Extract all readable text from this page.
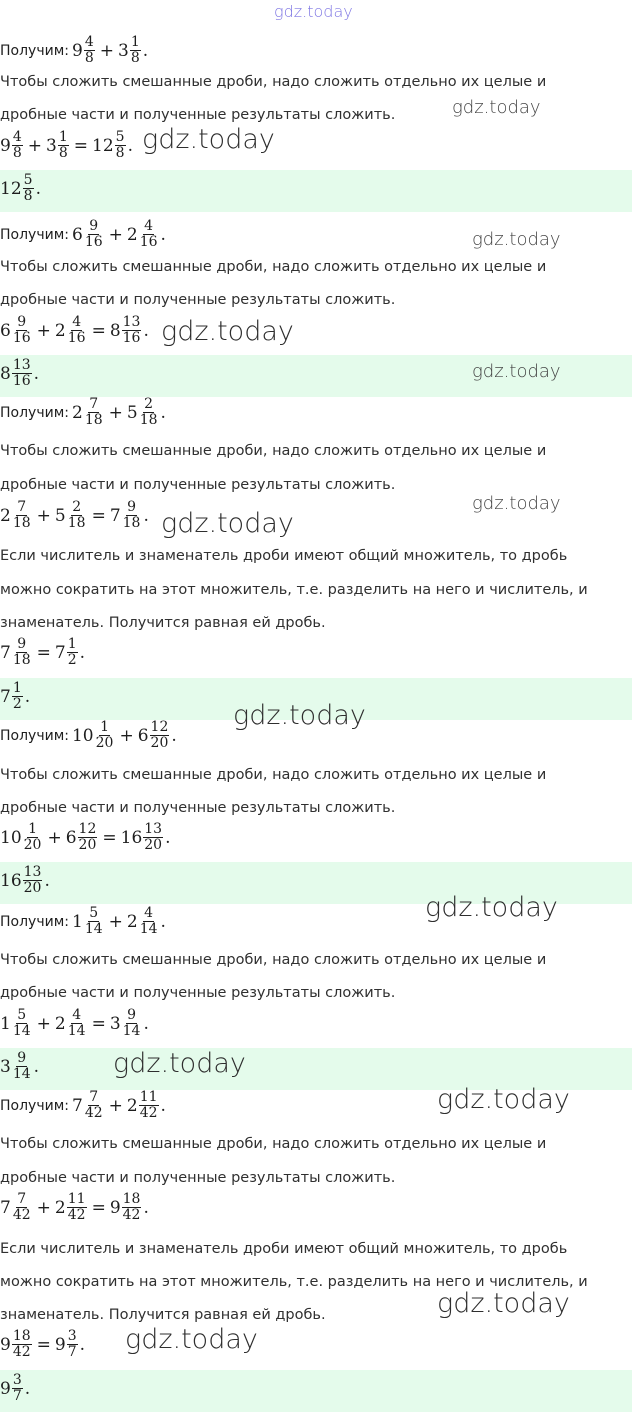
gdz.today
Получим: $9 \frac{4}{8} + 3 \frac{1}{8}$ .
Чтобы сложить смешанные дроби, надо сложить отдельно их целые и
дробные части и полученные результаты сложить.
$9 \frac{4}{8} + 3 \frac{1}{8} = 12 \frac{5}{8}$ .
$12 \frac{5}{8}$ .
Получим: $6 \frac{9}{16} + 2 \frac{4}{16}$ .
Чтобы сложить смешанные дроби, надо сложить отдельно их целые и
дробные части и полученные результаты сложить.
$6 \frac{9}{16} + 2 \frac{4}{16} = 8 \frac{13}{16}$ .
$8 \frac{13}{16}$ .
Получим: $2 \frac{7}{18} + 5 \frac{2}{18}$ .
Чтобы сложить смешанные дроби, надо сложить отдельно их целые и
дробные части и полученные результаты сложить.
$2 \frac{7}{18} + 5 \frac{2}{18} = 7 \frac{9}{18}$ .
Если числитель и знаменатель дроби имеют общий множитель, то дробь
можно сократить на этот множитель, т.е. разделить на него и числитель, и
знаменатель. Получится равная ей дробь.
$7 \frac{9}{18} = 7 \frac{1}{2}$ .
$7 \frac{1}{2}$ .
Получим: $10 \frac{1}{20} + 6 \frac{12}{20}$ .
Чтобы сложить смешанные дроби, надо сложить отдельно их целые и
дробные части и полученные результаты сложить.
$10 \frac{1}{20} + 6 \frac{12}{20} = 16 \frac{13}{20}$ .
$16 \frac{13}{20}$ .
Получим: $1 \frac{5}{14} + 2 \frac{4}{14}$ .
Чтобы сложить смешанные дроби, надо сложить отдельно их целые и
дробные части и полученные результаты сложить.
$1 \frac{5}{14} + 2 \frac{4}{14} = 3 \frac{9}{14}$ .
$3 \frac{9}{14}$ .
Получим: $7 \frac{7}{42} + 2 \frac{11}{42}$ .
Чтобы сложить смешанные дроби, надо сложить отдельно их целые и
дробные части и полученные результаты сложить.
$7 \frac{7}{42} + 2 \frac{11}{42} = 9 \frac{18}{42}$ .
Если числитель и знаменатель дроби имеют общий множитель, то дробь
можно сократить на этот множитель, т.е. разделить на него и числитель, и
знаменатель. Получится равная ей дробь.
$9 \frac{18}{42} = 9 \frac{3}{7}$ .
$9 \frac{3}{7}$ .
gdz.today
gdz.today
gdz.today
gdz.today
gdz.today
gdz.today
gdz.today
gdz.today
gdz.today
gdz.today
gdz.today
gdz.today
gdz.today
